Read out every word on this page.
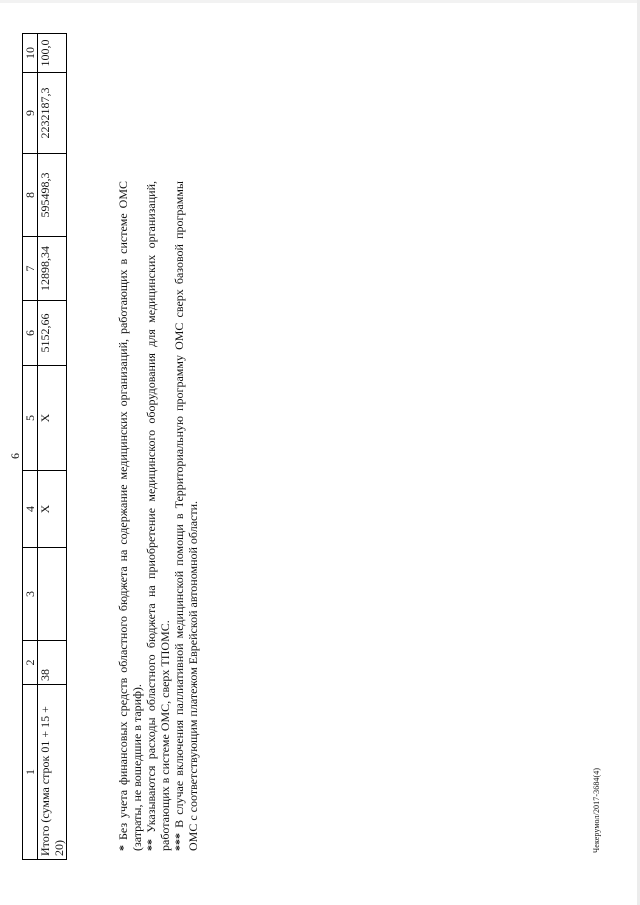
6
1	2	3	4	5	6	7	8	9	10
Итого (сумма строк 01 + 15 + 20)	38		X	X	5152,66	12898,34	595498,3	2232187,3	100,0

* Без учета финансовых средств областного бюджета на содержание медицинских организаций, работающих в системе ОМС (затраты, не вошедшие в тариф). ** Указываются расходы областного бюджета на приобретение медицинского оборудования для медицинских организаций, работающих в системе ОМС, сверх ТПОМС. *** В случае включения паллиативной медицинской помощи в Территориальную программу ОМС сверх базовой программы ОМС с соответствующим платежом Еврейской автономной области.	Чекерумол/2017-3684(4)
